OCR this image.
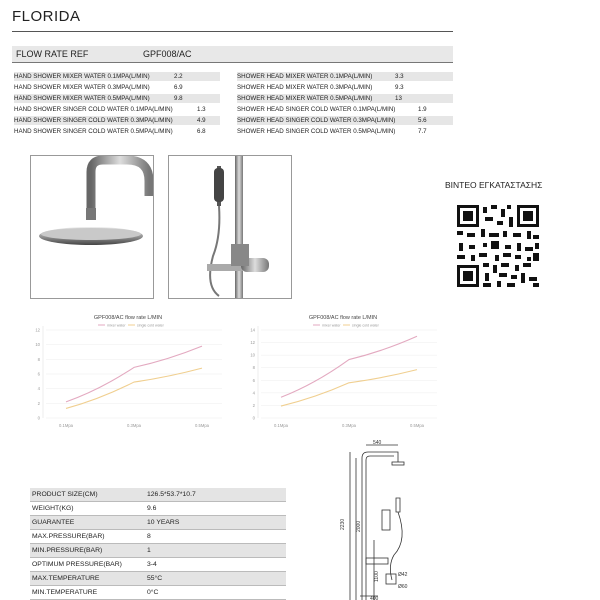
FLORIDA
FLOW RATE REF	GPF008/AC
HAND SHOWER MIXER WATER 0.1MPA(L/MIN)	2.2
HAND SHOWER MIXER WATER 0.3MPA(L/MIN)	6.9
HAND SHOWER MIXER WATER 0.5MPA(L/MIN)	9.8
HAND SHOWER SINGER COLD WATER 0.1MPA(L/MIN)	1.3
HAND SHOWER SINGER COLD WATER 0.3MPA(L/MIN)	4.9
HAND SHOWER SINGER COLD WATER 0.5MPA(L/MIN)	6.8
SHOWER HEAD MIXER WATER 0.1MPA(L/MIN)	3.3
SHOWER HEAD MIXER WATER 0.3MPA(L/MIN)	9.3
SHOWER HEAD MIXER WATER 0.5MPA(L/MIN)	13
SHOWER HEAD SINGER COLD WATER 0.1MPA(L/MIN)	1.9
SHOWER HEAD SINGER COLD WATER 0.3MPA(L/MIN)	5.6
SHOWER HEAD SINGER COLD WATER 0.5MPA(L/MIN)	7.7
ΒΙΝΤΕΟ ΕΓΚΑΤΑΣΤΑΣΗΣ
GPF008/AC flow rate L/MIN
mixer water	single cold water
0
2
4
6
8
10
12
0.1Mpa	0.3Mpa	0.5Mpa
GPF008/AC flow rate L/MIN
mixer water	single cold water
0
2
4
6
8
10
12
14
0.1Mpa	0.3Mpa	0.5Mpa
PRODUCT SIZE(CM)	126.5*53.7*10.7
WEIGHT(KG)	9.6
GUARANTEE	10 YEARS
MAX.PRESSURE(BAR)	8
MIN.PRESSURE(BAR)	1
OPTIMUM PRESSURE(BAR)	3-4
MAX.TEMPERATURE	55°C
MIN.TEMPERATURE	0°C
540
2230 2000
1100	Ø42
Ø60
400
